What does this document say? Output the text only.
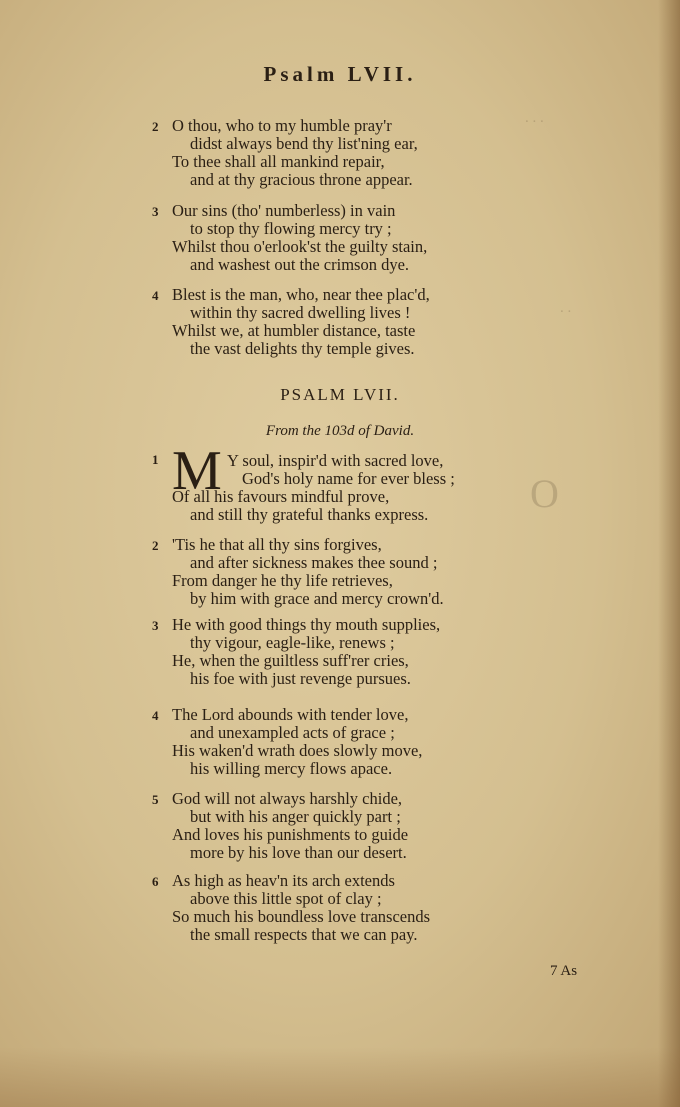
. . .
. .
O
Psalm LVII.
2 O thou, who to my humble pray'r
didst always bend thy list'ning ear,
To thee shall all mankind repair,
and at thy gracious throne appear.
3 Our sins (tho' numberless) in vain
to stop thy flowing mercy try ;
Whilst thou o'erlook'st the guilty stain,
and washest out the crimson dye.
4 Blest is the man, who, near thee plac'd,
within thy sacred dwelling lives !
Whilst we, at humbler distance, taste
the vast delights thy temple gives.
PSALM LVII.
From the 103d of David.
1 M Y soul, inspir'd with sacred love,
God's holy name for ever bless ;
Of all his favours mindful prove,
and still thy grateful thanks express.
2 'Tis he that all thy sins forgives,
and after sickness makes thee sound ;
From danger he thy life retrieves,
by him with grace and mercy crown'd.
3 He with good things thy mouth supplies,
thy vigour, eagle-like, renews ;
He, when the guiltless suff'rer cries,
his foe with just revenge pursues.
4 The Lord abounds with tender love,
and unexampled acts of grace ;
His waken'd wrath does slowly move,
his willing mercy flows apace.
5 God will not always harshly chide,
but with his anger quickly part ;
And loves his punishments to guide
more by his love than our desert.
6 As high as heav'n its arch extends
above this little spot of clay ;
So much his boundless love transcends
the small respects that we can pay.
7 As
